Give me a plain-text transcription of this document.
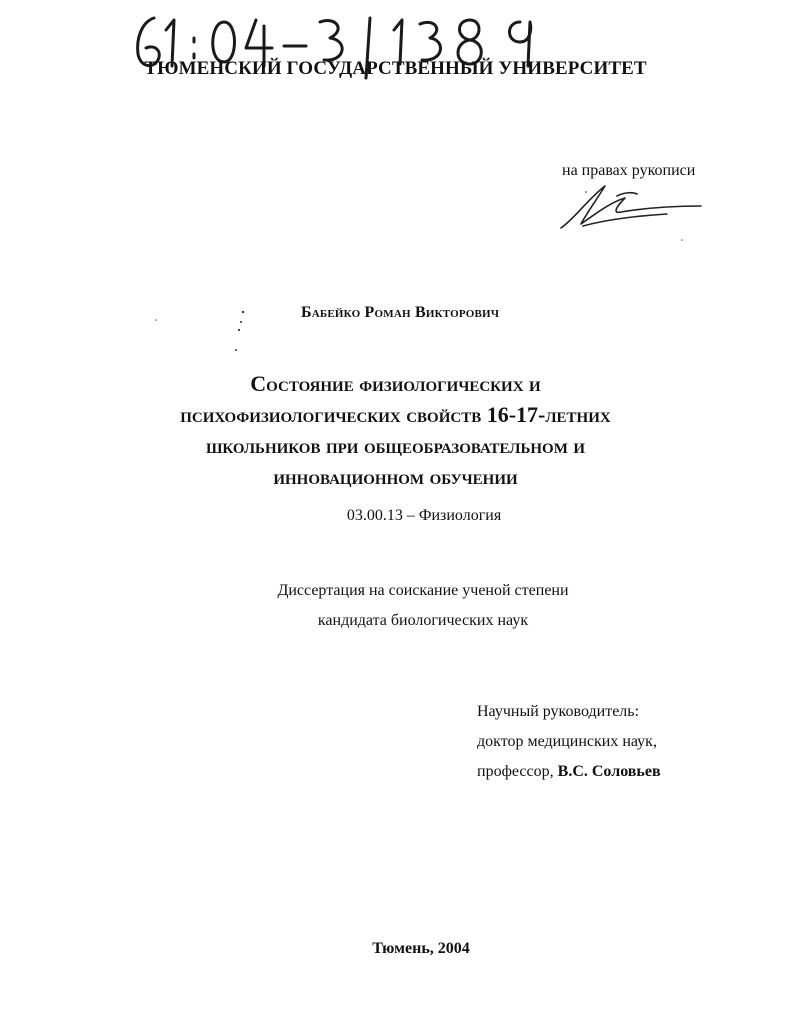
ТЮМЕНСКИЙ ГОСУДАРСТВЕННЫЙ УНИВЕРСИТЕТ
на правах рукописи
Бабейко Роман Викторович
Состояние физиологических и
психофизиологических свойств 16-17-летних
школьников при общеобразовательном и
инновационном обучении
03.00.13 – Физиология
Диссертация на соискание ученой степени
кандидата биологических наук
Научный руководитель:
доктор медицинских наук,
профессор, В.С. Соловьев
Тюмень, 2004
